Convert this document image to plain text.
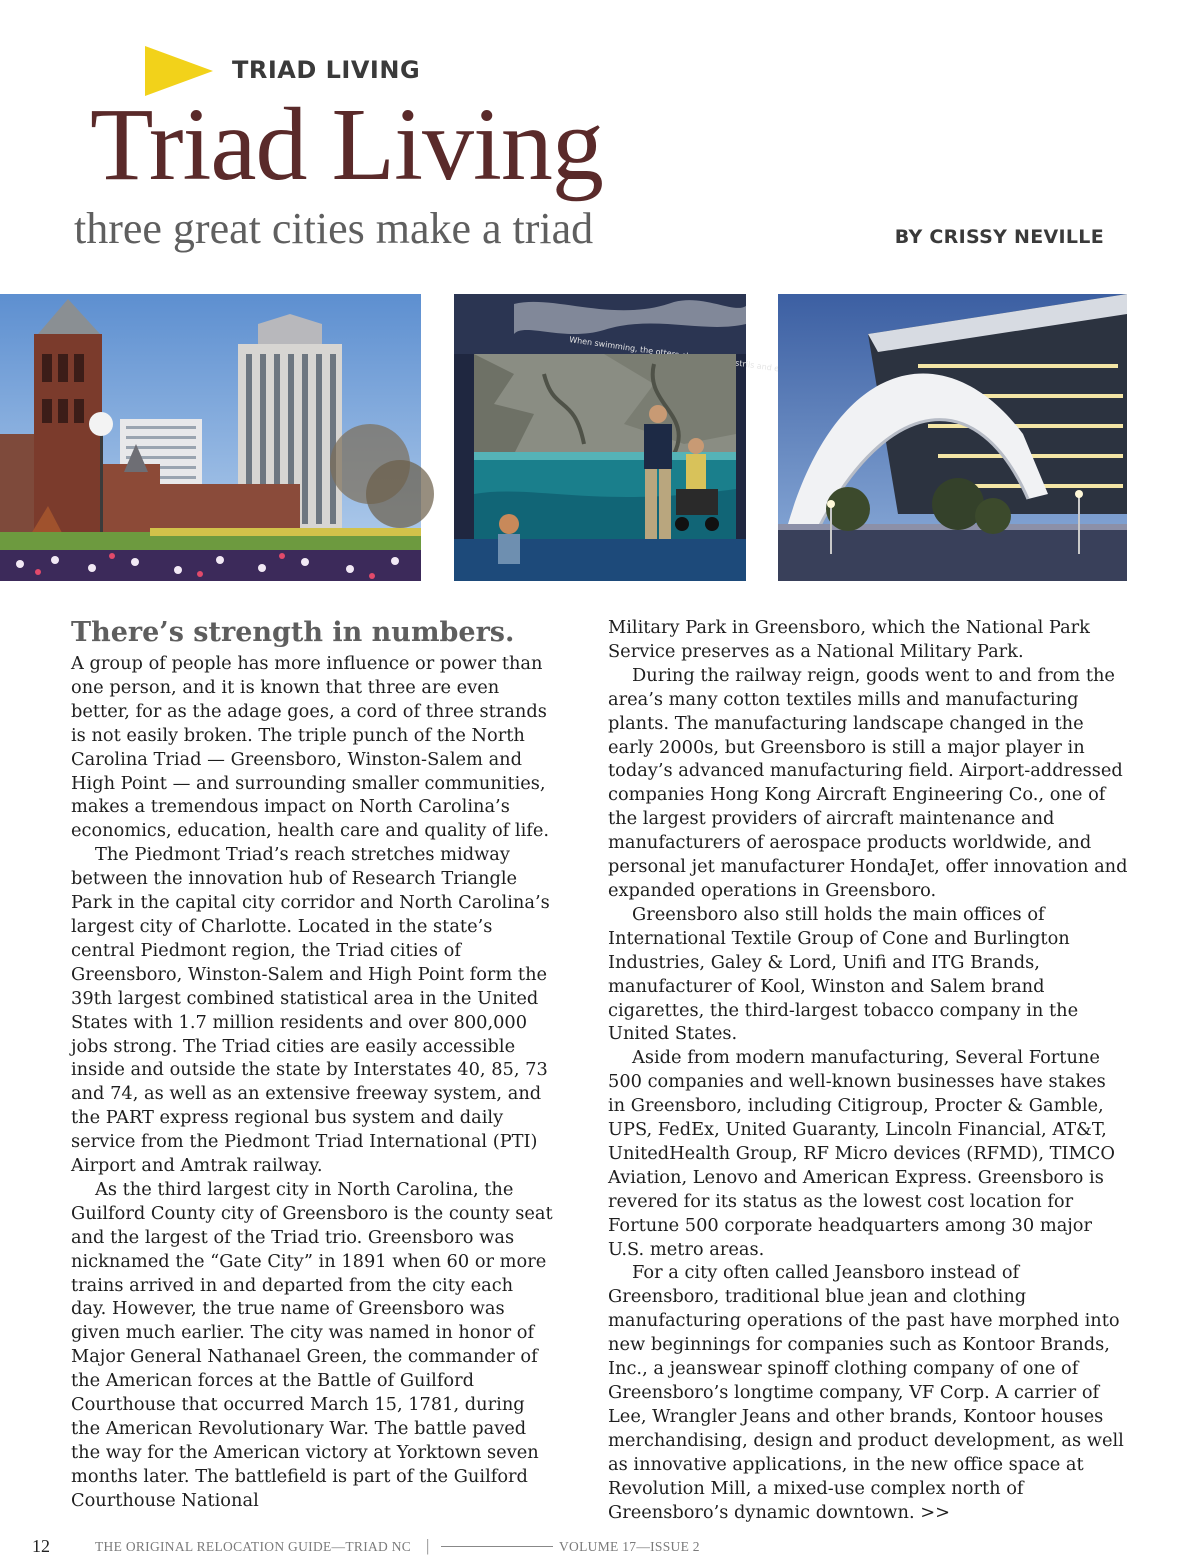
TRIAD LIVING

Triad Living

three great cities make a triad	BY CRISSY NEVILLE

When swimming, the otters nostrils and
There’s strength in numbers.

A group of people has more influence or power than one person, and it is known that three are even better, for as the adage goes, a cord of three strands is not easily broken. The triple punch of the North Carolina Triad — Greensboro, Winston-Salem and High Point — and surrounding smaller communities, makes a tremendous impact on North Carolina’s economics, education, health care and quality of life.

The Piedmont Triad’s reach stretches midway between the innovation hub of Research Triangle Park in the capital city corridor and North Carolina’s largest city of Charlotte. Located in the state’s central Piedmont region, the Triad cities of Greensboro, Winston-Salem and High Point form the 39th largest combined statistical area in the United States with 1.7 million residents and over 800,000 jobs strong. The Triad cities are easily accessible inside and outside the state by Interstates 40, 85, 73 and 74, as well as an extensive freeway system, and the PART express regional bus system and daily service from the Piedmont Triad International (PTI) Airport and Amtrak railway.

As the third largest city in North Carolina, the Guilford County city of Greensboro is the county seat and the largest of the Triad trio. Greensboro was nicknamed the “Gate City” in 1891 when 60 or more trains arrived in and departed from the city each day. However, the true name of Greensboro was given much earlier. The city was named in honor of Major General Nathanael Green, the commander of the American forces at the Battle of Guilford Courthouse that occurred March 15, 1781, during the American Revolutionary War. The battle paved the way for the American victory at Yorktown seven months later. The battlefield is part of the Guilford Courthouse National

Military Park in Greensboro, which the National Park Service preserves as a National Military Park.

During the railway reign, goods went to and from the area’s many cotton textiles mills and manufacturing plants. The manufacturing landscape changed in the early 2000s, but Greensboro is still a major player in today’s advanced manufacturing field. Airport-addressed companies Hong Kong Aircraft Engineering Co., one of the largest providers of aircraft maintenance and manufacturers of aerospace products worldwide, and personal jet manufacturer HondaJet, offer innovation and expanded operations in Greensboro.

Greensboro also still holds the main offices of International Textile Group of Cone and Burlington Industries, Galey & Lord, Unifi and ITG Brands, manufacturer of Kool, Winston and Salem brand cigarettes, the third-largest tobacco company in the United States.

Aside from modern manufacturing, Several Fortune 500 companies and well-known businesses have stakes in Greensboro, including Citigroup, Procter & Gamble, UPS, FedEx, United Guaranty, Lincoln Financial, AT&T, UnitedHealth Group, RF Micro devices (RFMD), TIMCO Aviation, Lenovo and American Express. Greensboro is revered for its status as the lowest cost location for Fortune 500 corporate headquarters among 30 major U.S. metro areas.

For a city often called Jeansboro instead of Greensboro, traditional blue jean and clothing manufacturing operations of the past have morphed into new beginnings for companies such as Kontoor Brands, Inc., a jeanswear spinoff clothing company of one of Greensboro’s longtime company, VF Corp. A carrier of Lee, Wrangler Jeans and other brands, Kontoor houses merchandising, design and product development, as well as innovative applications, in the new office space at Revolution Mill, a mixed-use complex north of Greensboro’s dynamic downtown. >>

12	THE ORIGINAL RELOCATION GUIDE—TRIAD NC |	VOLUME 17—ISSUE 2
